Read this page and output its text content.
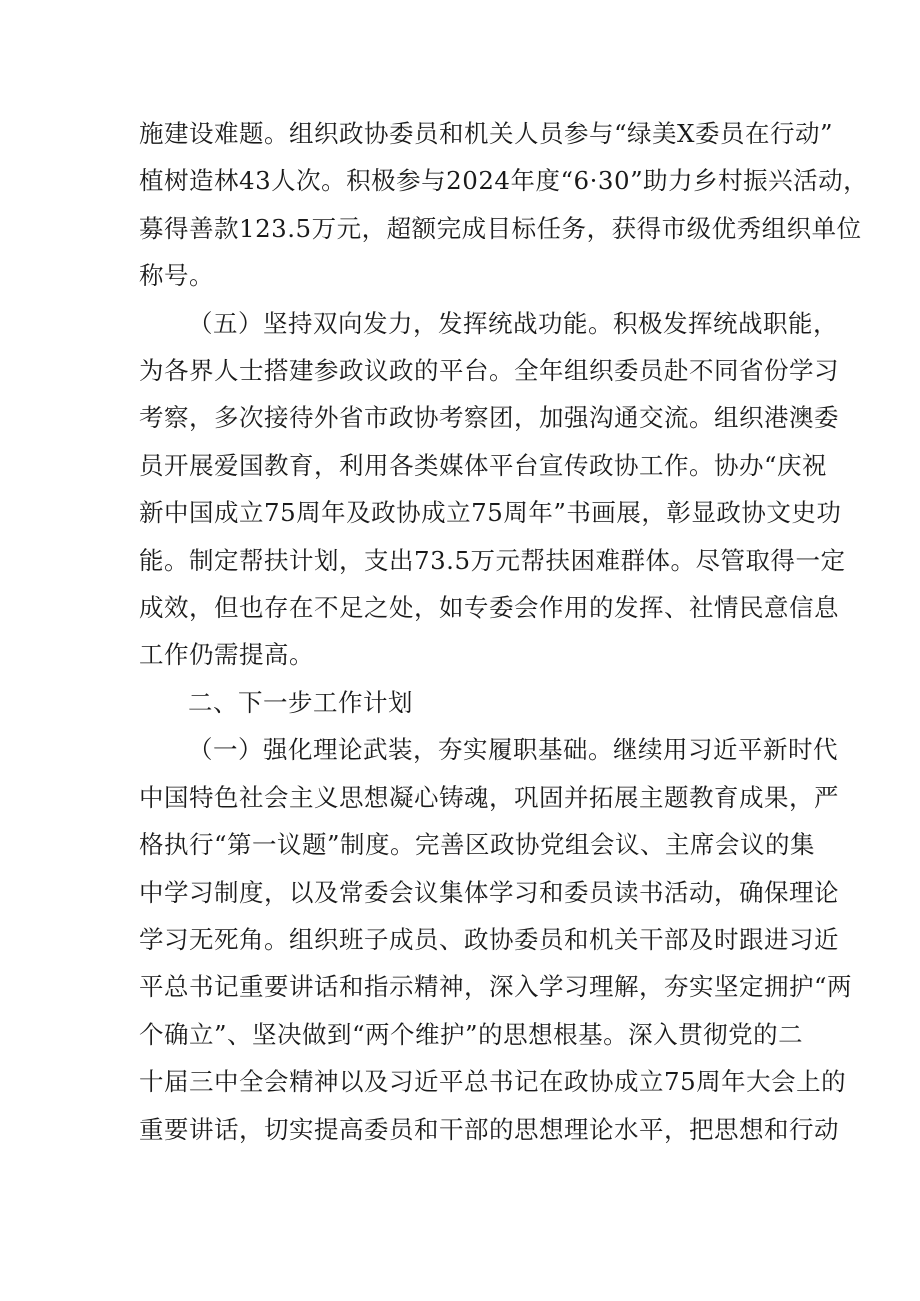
施建设难题。组织政协委员和机关人员参与“绿美X委员在行动”
植树造林43人次。积极参与2024年度“6·30”助力乡村振兴活动，
募得善款123.5万元，超额完成目标任务，获得市级优秀组织单位
称号。
（五）坚持双向发力，发挥统战功能。积极发挥统战职能，
为各界人士搭建参政议政的平台。全年组织委员赴不同省份学习
考察，多次接待外省市政协考察团，加强沟通交流。组织港澳委
员开展爱国教育，利用各类媒体平台宣传政协工作。协办“庆祝
新中国成立75周年及政协成立75周年”书画展，彰显政协文史功
能。制定帮扶计划，支出73.5万元帮扶困难群体。尽管取得一定
成效，但也存在不足之处，如专委会作用的发挥、社情民意信息
工作仍需提高。
二、下一步工作计划
（一）强化理论武装，夯实履职基础。继续用习近平新时代
中国特色社会主义思想凝心铸魂，巩固并拓展主题教育成果，严
格执行“第一议题”制度。完善区政协党组会议、主席会议的集
中学习制度，以及常委会议集体学习和委员读书活动，确保理论
学习无死角。组织班子成员、政协委员和机关干部及时跟进习近
平总书记重要讲话和指示精神，深入学习理解，夯实坚定拥护“两
个确立”、坚决做到“两个维护”的思想根基。深入贯彻党的二
十届三中全会精神以及习近平总书记在政协成立75周年大会上的
重要讲话，切实提高委员和干部的思想理论水平，把思想和行动
